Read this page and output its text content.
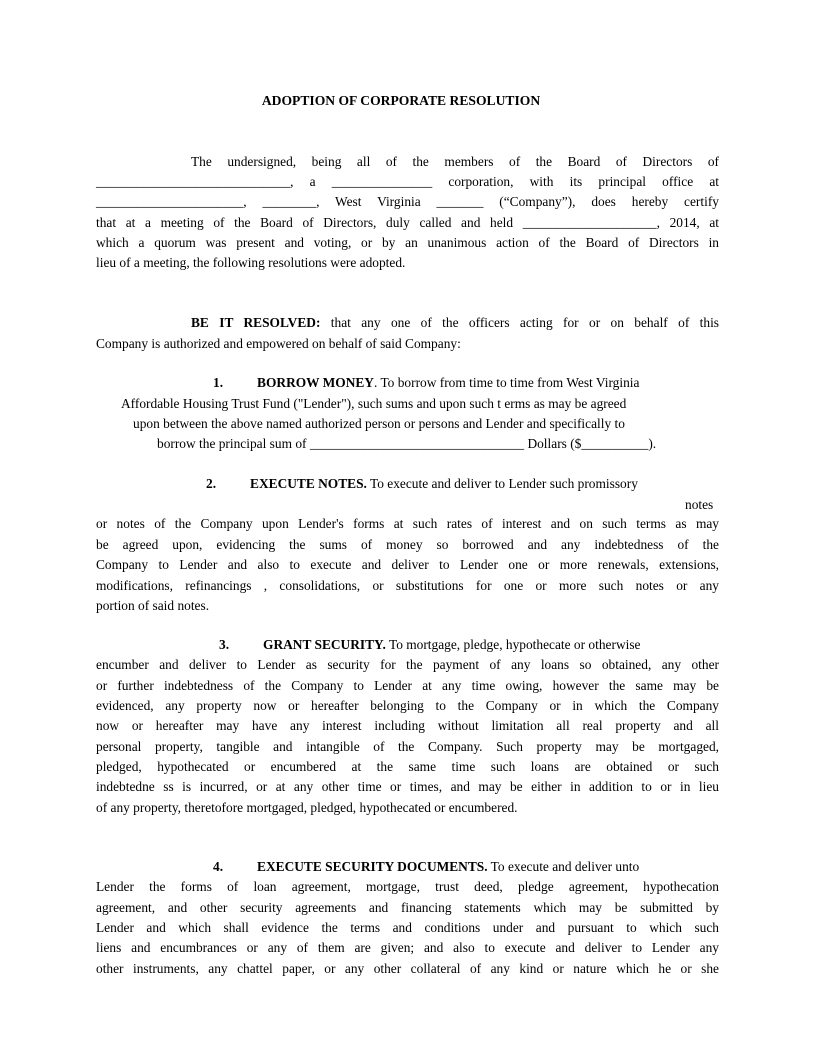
ADOPTION OF CORPORATE RESOLUTION
The undersigned, being all of the members of the Board of Directors of
_____________________________, a _______________ corporation, with its principal office at
______________________, ________, West Virginia _______ (“Company”), does hereby certify
that at a meeting of the Board of Directors, duly called and held ____________________, 2014, at
which a quorum was present and voting, or by an unanimous action of the Board of Directors in
lieu of a meeting, the following resolutions were adopted.
BE IT RESOLVED: that any one of the officers acting for or on behalf of this
Company is authorized and empowered on behalf of said Company:
1.	BORROW MONEY. To borrow from time to time from West Virginia
Affordable Housing Trust Fund ("Lender"), such sums and upon such t erms as may be agreed
upon between the above named authorized person or persons and Lender and specifically to
borrow the principal sum of ________________________________ Dollars ($__________).
2.	EXECUTE NOTES. To execute and deliver to Lender such promissory
notes
or notes of the Company upon Lender's forms at such rates of interest and on such terms as may
be agreed upon, evidencing the sums of money so borrowed and any indebtedness of the
Company to Lender and also to execute and deliver to Lender one or more renewals, extensions,
modifications, refinancings , consolidations, or substitutions for one or more such notes or any
portion of said notes.
3.	GRANT SECURITY. To mortgage, pledge, hypothecate or otherwise
encumber and deliver to Lender as security for the payment of any loans so obtained, any other
or further indebtedness of the Company to Lender at any time owing, however the same may be
evidenced, any property now or hereafter belonging to the Company or in which the Company
now or hereafter may have any interest including without limitation all real property and all
personal property, tangible and intangible of the Company. Such property may be mortgaged,
pledged, hypothecated or encumbered at the same time such loans are obtained or such
indebtedne ss is incurred, or at any other time or times, and may be either in addition to or in lieu
of any property, theretofore mortgaged, pledged, hypothecated or encumbered.
4.	EXECUTE SECURITY DOCUMENTS. To execute and deliver unto
Lender the forms of loan agreement, mortgage, trust deed, pledge agreement, hypothecation
agreement, and other security agreements and financing statements which may be submitted by
Lender and which shall evidence the terms and conditions under and pursuant to which such
liens and encumbrances or any of them are given; and also to execute and deliver to Lender any
other instruments, any chattel paper, or any other collateral of any kind or nature which he or she
